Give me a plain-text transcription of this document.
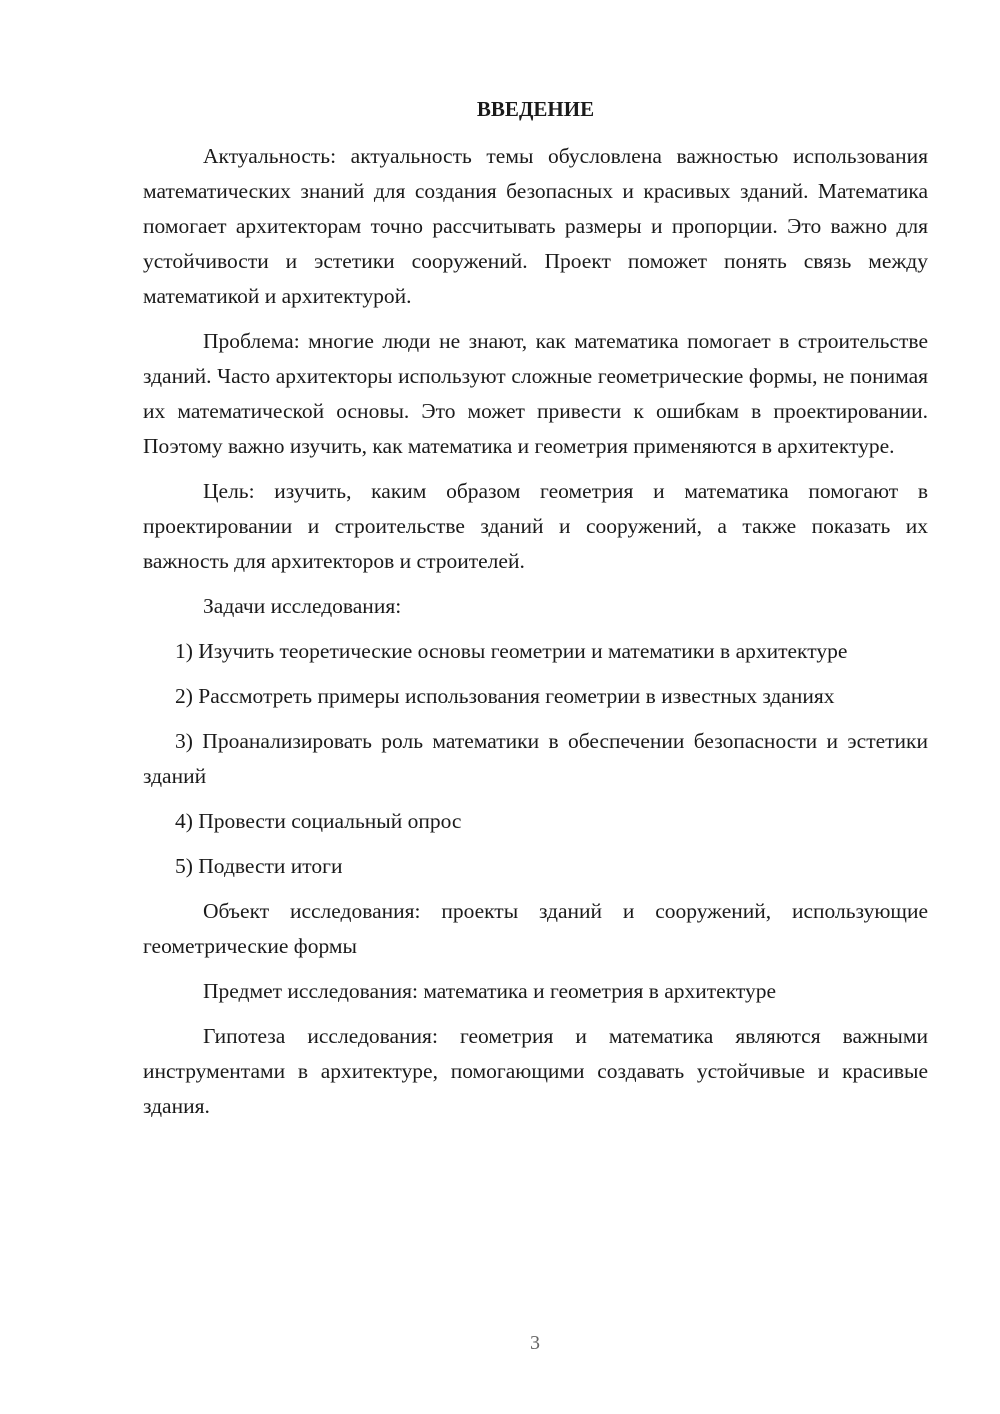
ВВЕДЕНИЕ
Актуальность: актуальность темы обусловлена важностью использования математических знаний для создания безопасных и красивых зданий. Математика помогает архитекторам точно рассчитывать размеры и пропорции. Это важно для устойчивости и эстетики сооружений. Проект поможет понять связь между математикой и архитектурой.
Проблема: многие люди не знают, как математика помогает в строительстве зданий. Часто архитекторы используют сложные геометрические формы, не понимая их математической основы. Это может привести к ошибкам в проектировании. Поэтому важно изучить, как математика и геометрия применяются в архитектуре.
Цель: изучить, каким образом геометрия и математика помогают в проектировании и строительстве зданий и сооружений, а также показать их важность для архитекторов и строителей.
Задачи исследования:
1) Изучить теоретические основы геометрии и математики в архитектуре
2) Рассмотреть примеры использования геометрии в известных зданиях
3) Проанализировать роль математики в обеспечении безопасности и эстетики зданий
4) Провести социальный опрос
5) Подвести итоги
Объект исследования: проекты зданий и сооружений, использующие геометрические формы
Предмет исследования: математика и геометрия в архитектуре
Гипотеза исследования: геометрия и математика являются важными инструментами в архитектуре, помогающими создавать устойчивые и красивые здания.
3
